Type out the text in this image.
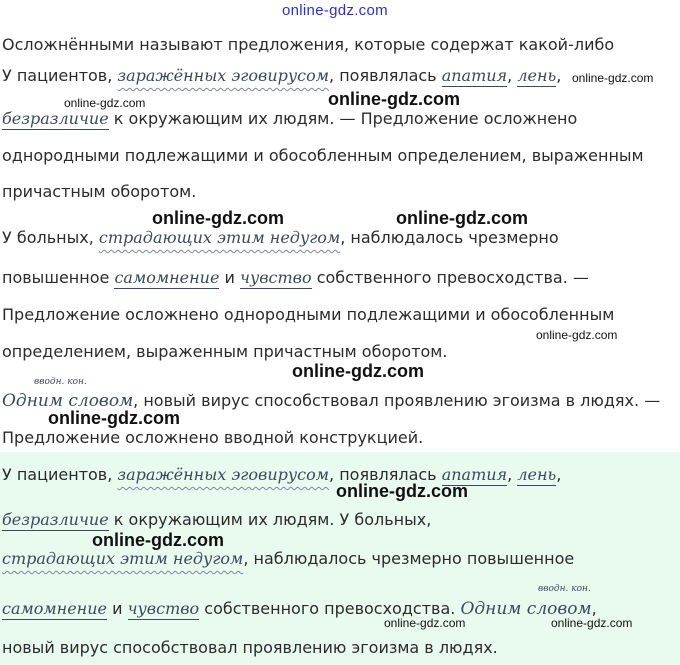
online-gdz.com
Осложнёнными называют предложения, которые содержат какой-либо
У пациентов, заражённых эговирусом, появлялась апатия, лень, online-gdz.com
online-gdz.com	online-gdz.com
безразличие к окружающим их людям. — Предложение осложнено
однородными подлежащими и обособленным определением, выраженным
причастным оборотом.
online-gdz.com	online-gdz.com
У больных, страдающих этим недугом, наблюдалось чрезмерно
повышенное самомнение и чувство собственного превосходства. —
Предложение осложнено однородными подлежащими и обособленным
online-gdz.com
определением, выраженным причастным оборотом.
online-gdz.com
вводн. кон.
Одним словом, новый вирус способствовал проявлению эгоизма в людях. —
online-gdz.com
Предложение осложнено вводной конструкцией.
У пациентов, заражённых эговирусом, появлялась апатия, лень,
online-gdz.com
безразличие к окружающим их людям. У больных,
online-gdz.com
страдающих этим недугом, наблюдалось чрезмерно повышенное
вводн. кон.
самомнение и чувство собственного превосходства. Одним словом,
online-gdz.com	online-gdz.com
новый вирус способствовал проявлению эгоизма в людях.
